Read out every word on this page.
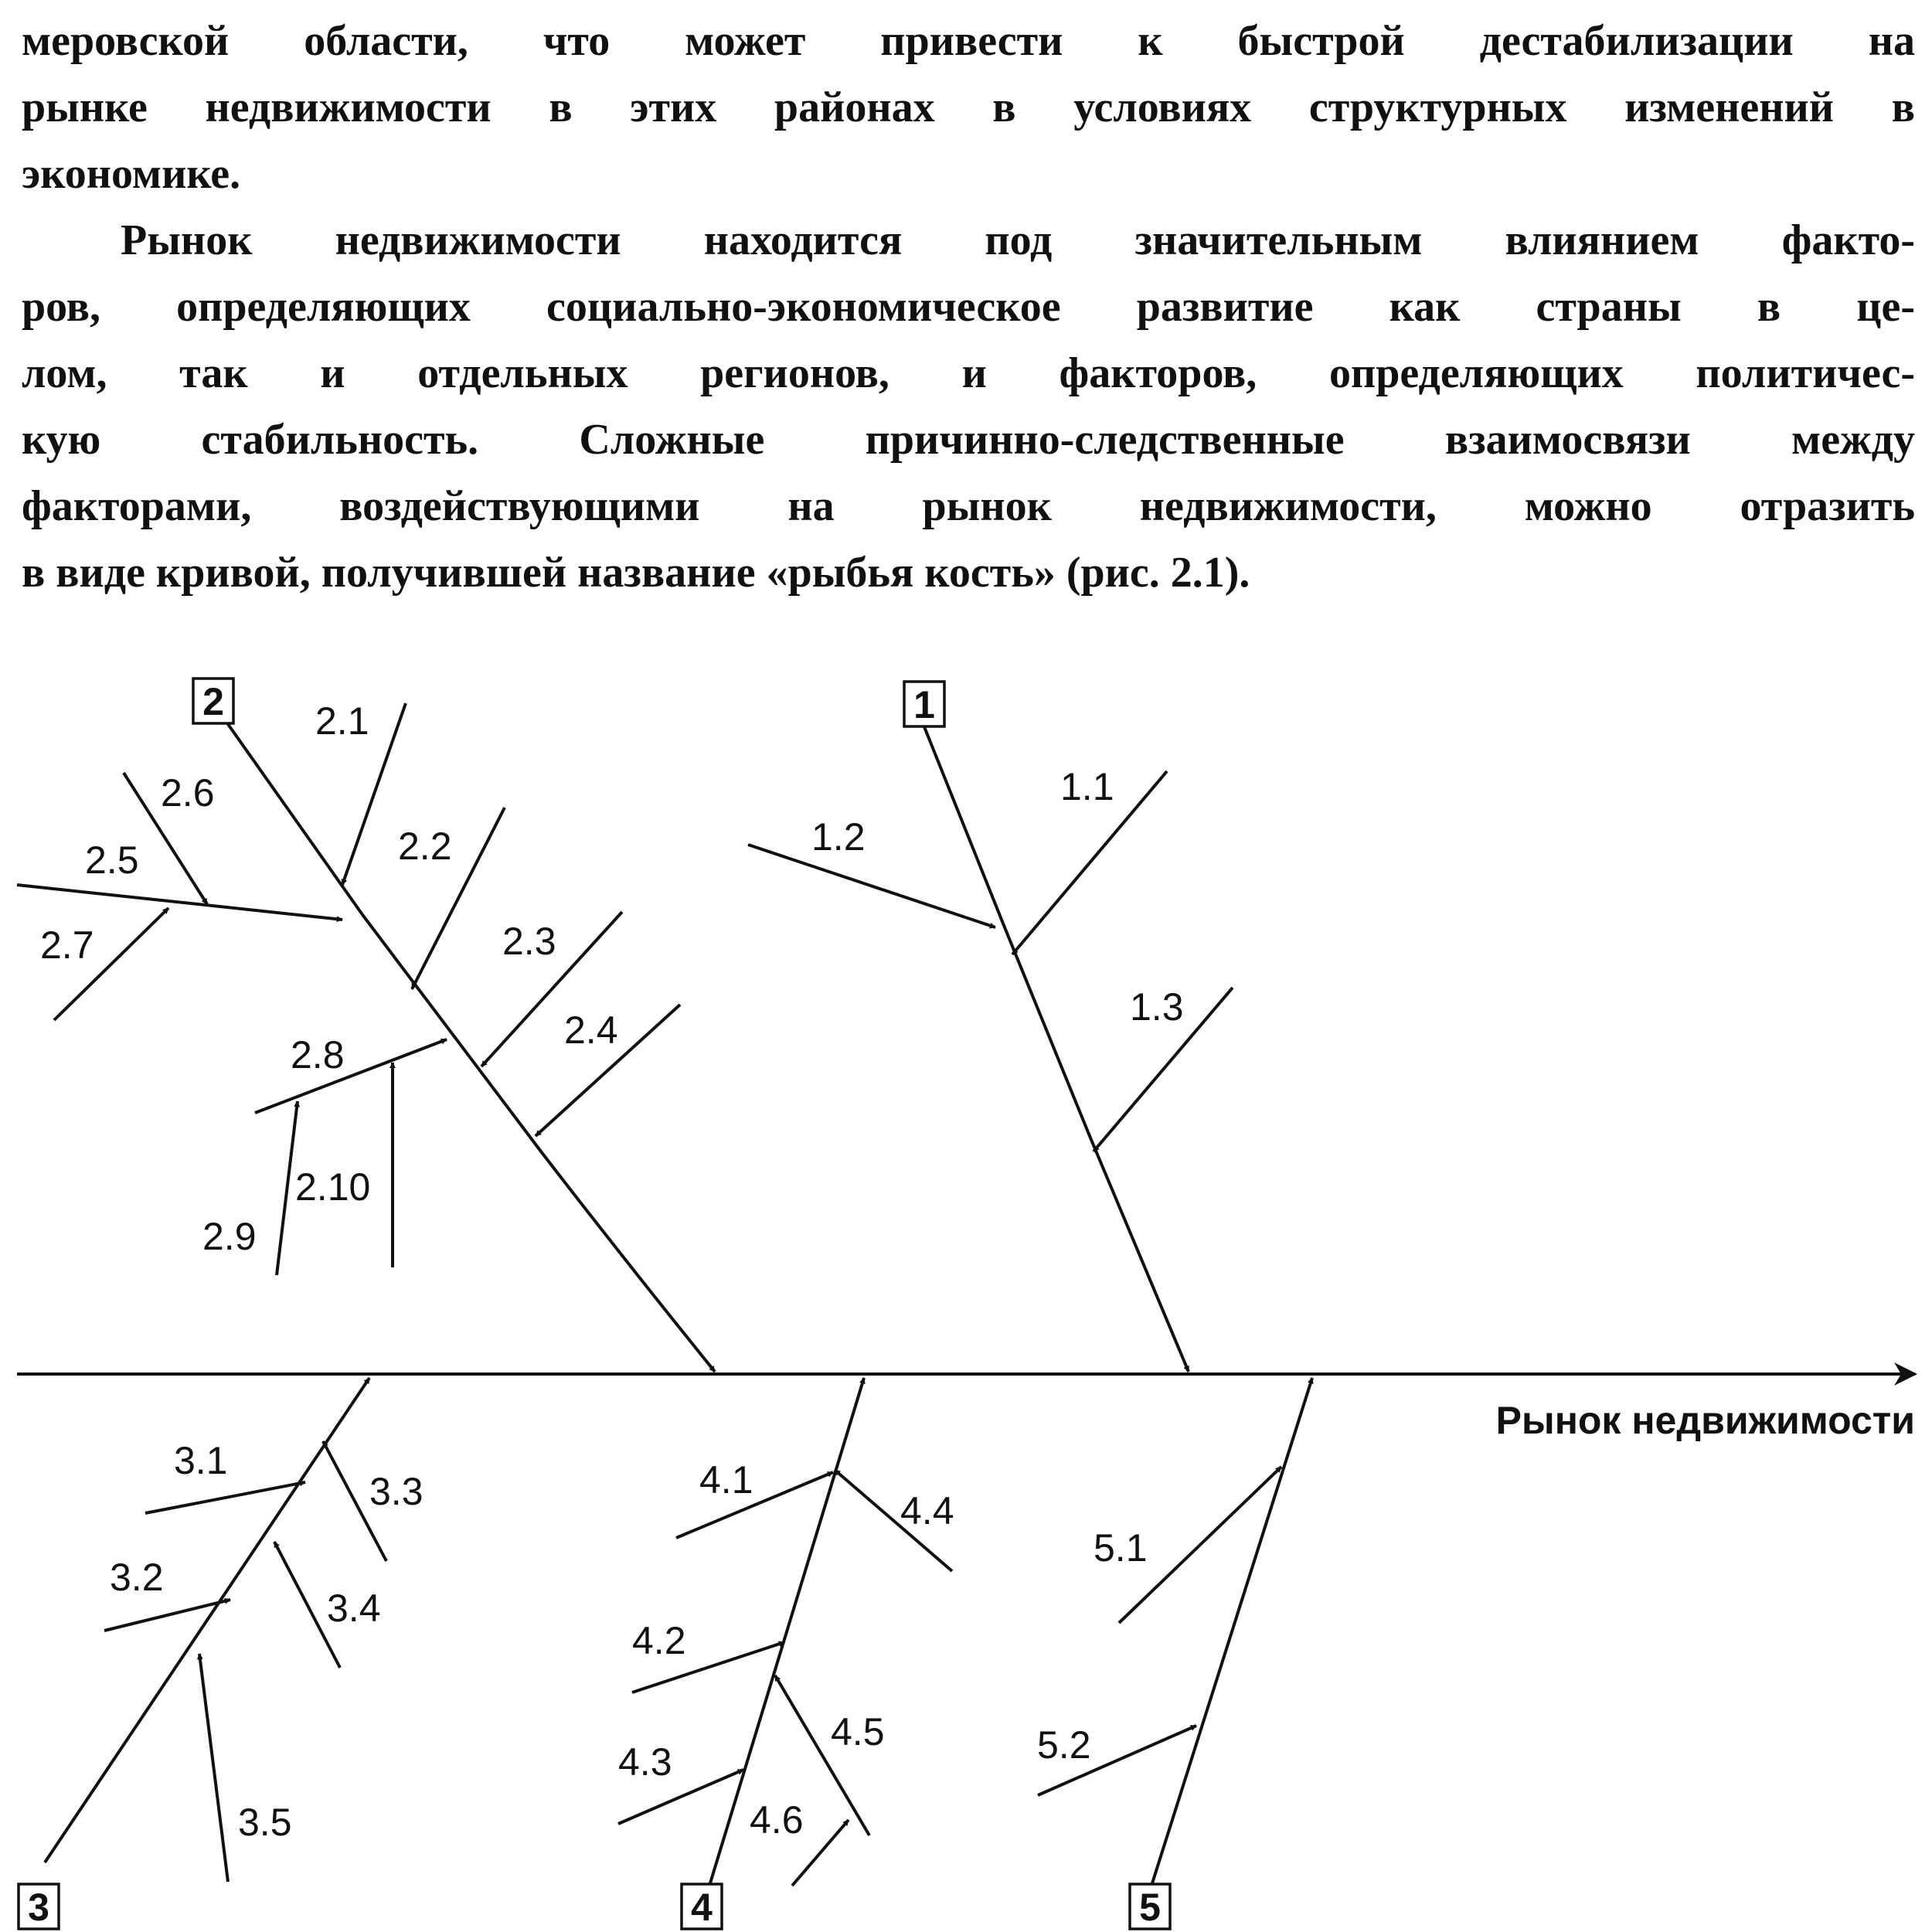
меровской области, что может привести к быстрой дестабилизации на
рынке недвижимости в этих районах в условиях структурных изменений в
экономике.
Рынок недвижимости находится под значительным влиянием факто-
ров, определяющих социально-экономическое развитие как страны в це-
лом, так и отдельных регионов, и факторов, определяющих политичес-
кую стабильность. Сложные причинно-следственные взаимосвязи между
факторами, воздействующими на рынок недвижимости, можно отразить
в виде кривой, получившей название «рыбья кость» (рис. 2.1).
2	1
3	4	5
2.1
2.6
2.2
2.5
2.7	2.3
2.4
2.8
2.10
2.9
1.1
1.2
1.3
Рынок недвижимости
3.1
3.3
3.2
3.4
3.5
4.1
4.4
4.2
4.5
4.3
4.6
5.1
5.2
